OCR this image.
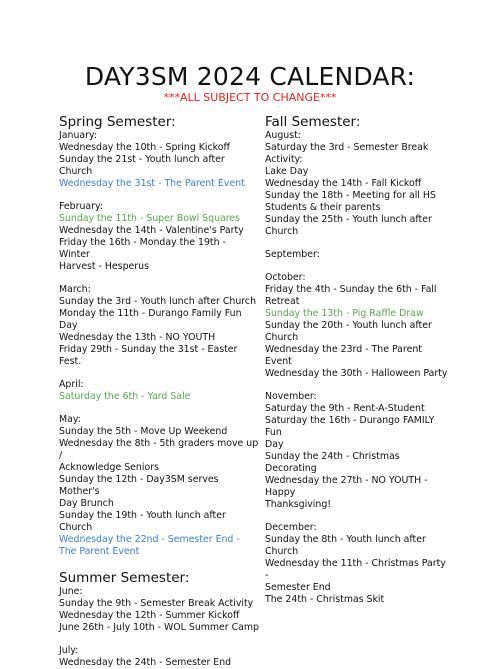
DAY3SM 2024 CALENDAR:
***ALL SUBJECT TO CHANGE***
Spring Semester:
January:
Wednesday the 10th - Spring Kickoff
Sunday the 21st - Youth lunch after Church
Wednesday the 31st - The Parent Event
February:
Sunday the 11th - Super Bowl Squares
Wednesday the 14th - Valentine's Party
Friday the 16th - Monday the 19th - Winter
Harvest - Hesperus
March:
Sunday the 3rd - Youth lunch after Church
Monday the 11th - Durango Family Fun Day
Wednesday the 13th - NO YOUTH
Friday 29th - Sunday the 31st - Easter Fest.
April:
Saturday the 6th - Yard Sale
May:
Sunday the 5th - Move Up Weekend
Wednesday the 8th - 5th graders move up /
Acknowledge Seniors
Sunday the 12th - Day3SM serves Mother's
Day Brunch
Sunday the 19th - Youth lunch after Church
Wednesday the 22nd - Semester End -
The Parent Event
Summer Semester:
June:
Sunday the 9th - Semester Break Activity
Wednesday the 12th - Summer Kickoff
June 26th - July 10th - WOL Summer Camp
July:
Wednesday the 24th - Semester End
Fall Semester:
August:
Saturday the 3rd - Semester Break Activity:
Lake Day
Wednesday the 14th - Fall Kickoff
Sunday the 18th - Meeting for all HS
Students & their parents
Sunday the 25th - Youth lunch after Church
September:
October:
Friday the 4th - Sunday the 6th - Fall
Retreat
Sunday the 13th - Pig Raffle Draw
Sunday the 20th - Youth lunch after Church
Wednesday the 23rd - The Parent Event
Wednesday the 30th - Halloween Party
November:
Saturday the 9th - Rent-A-Student
Saturday the 16th - Durango FAMILY Fun
Day
Sunday the 24th - Christmas Decorating
Wednesday the 27th - NO YOUTH - Happy
Thanksgiving!
December:
Sunday the 8th - Youth lunch after Church
Wednesday the 11th - Christmas Party -
Semester End
The 24th - Christmas Skit
